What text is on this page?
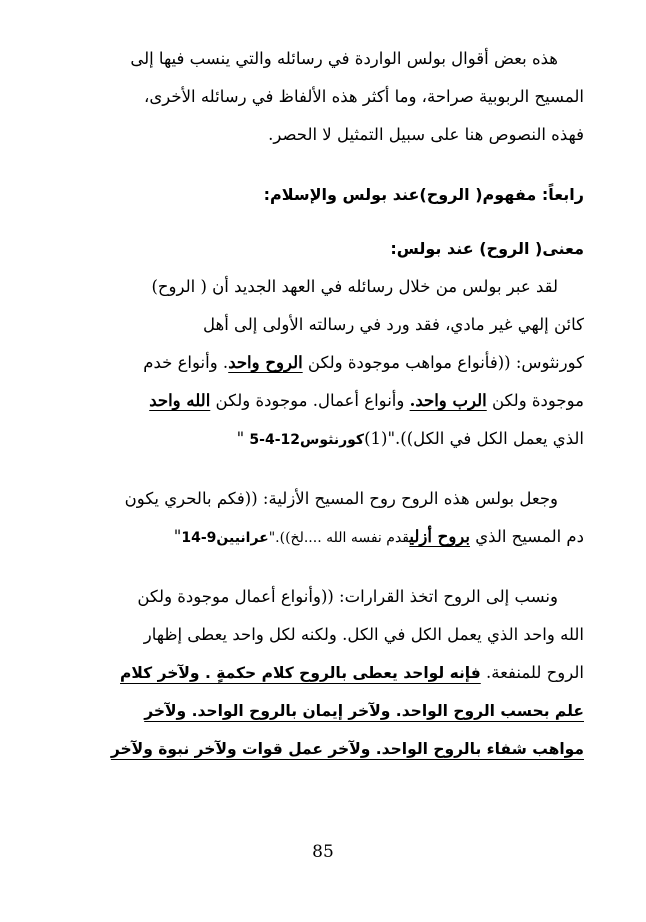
هذه بعض أقوال بولس الواردة في رسائله والتي ينسب فيها إلى
المسيح الربوبية صراحة، وما أكثر هذه الألفاظ في رسائله الأخرى،
فهذه النصوص هنا على سبيل التمثيل لا الحصر.
رابعاً: مفهوم( الروح)عند بولس والإسلام:
معنى( الروح) عند بولس:
لقد عبر بولس من خلال رسائله في العهد الجديد أن ( الروح)
كائن إلهي غير مادي، فقد ورد في رسالته الأولى إلى أهل
كورنثوس: ((فأنواع مواهب موجودة ولكن الروح واحد. وأنواع خدم
موجودة ولكن الرب واحد. وأنواع أعمال. موجودة ولكن الله واحد
الذي يعمل الكل في الكل))."(1)كورنثوس12-4-5 "
وجعل بولس هذه الروح روح المسيح الأزلية: ((فكم بالحري يكون
دم المسيح الذي بروح أزليقدم نفسه الله ....لخ))."عرانيين9-14"
ونسب إلى الروح اتخذ القرارات: ((وأنواع أعمال موجودة ولكن
الله واحد الذي يعمل الكل في الكل. ولكنه لكل واحد يعطى إظهار
الروح للمنفعة. فإنه لواحد يعطى بالروح كلام حكمةٍ . ولآخر كلام
علم بحسب الروح الواحد. ولآخر إيمان بالروح الواحد. ولآخر
مواهب شفاء بالروح الواحد. ولآخر عمل قوات ولآخر نبوة ولآخر
85
